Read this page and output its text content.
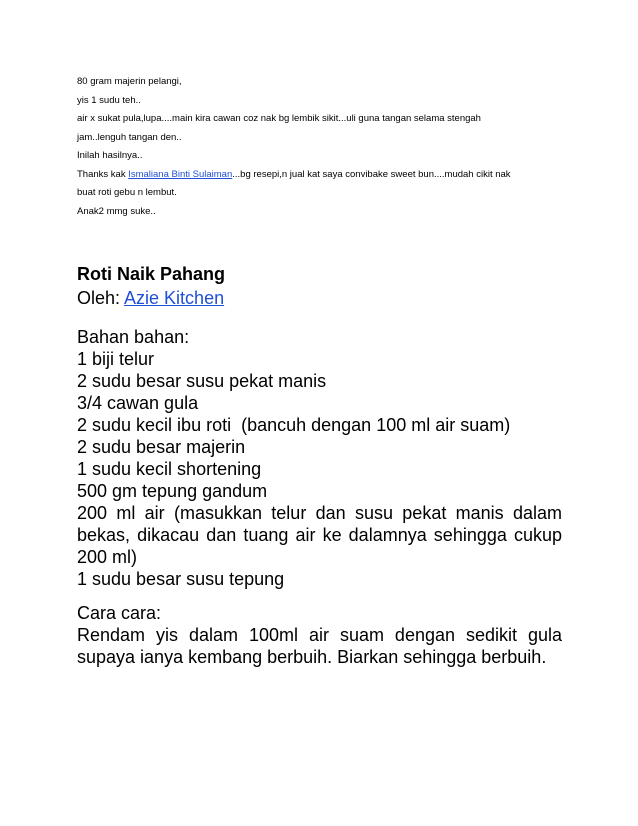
80 gram majerin pelangi,
yis 1 sudu teh..
air x sukat pula,lupa....main kira cawan coz nak bg lembik sikit...uli guna tangan selama stengah
jam..lenguh tangan den..
Inilah hasilnya..
Thanks kak Ismaliana Binti Sulaiman...bg resepi,n jual kat saya convibake sweet bun....mudah cikit nak
buat roti gebu n lembut.
Anak2 mmg suke..

Roti Naik Pahang

Oleh: Azie Kitchen

Bahan bahan:

1 biji telur
2 sudu besar susu pekat manis
3/4 cawan gula
2 sudu kecil ibu roti  (bancuh dengan 100 ml air suam)
2 sudu besar majerin
1 sudu kecil shortening
500 gm tepung gandum
200 ml air (masukkan telur dan susu pekat manis dalam bekas, dikacau dan tuang air ke dalamnya sehingga cukup 200 ml)
1 sudu besar susu tepung

Cara cara:

Rendam yis dalam 100ml air suam dengan sedikit gula supaya ianya kembang berbuih. Biarkan sehingga berbuih.
